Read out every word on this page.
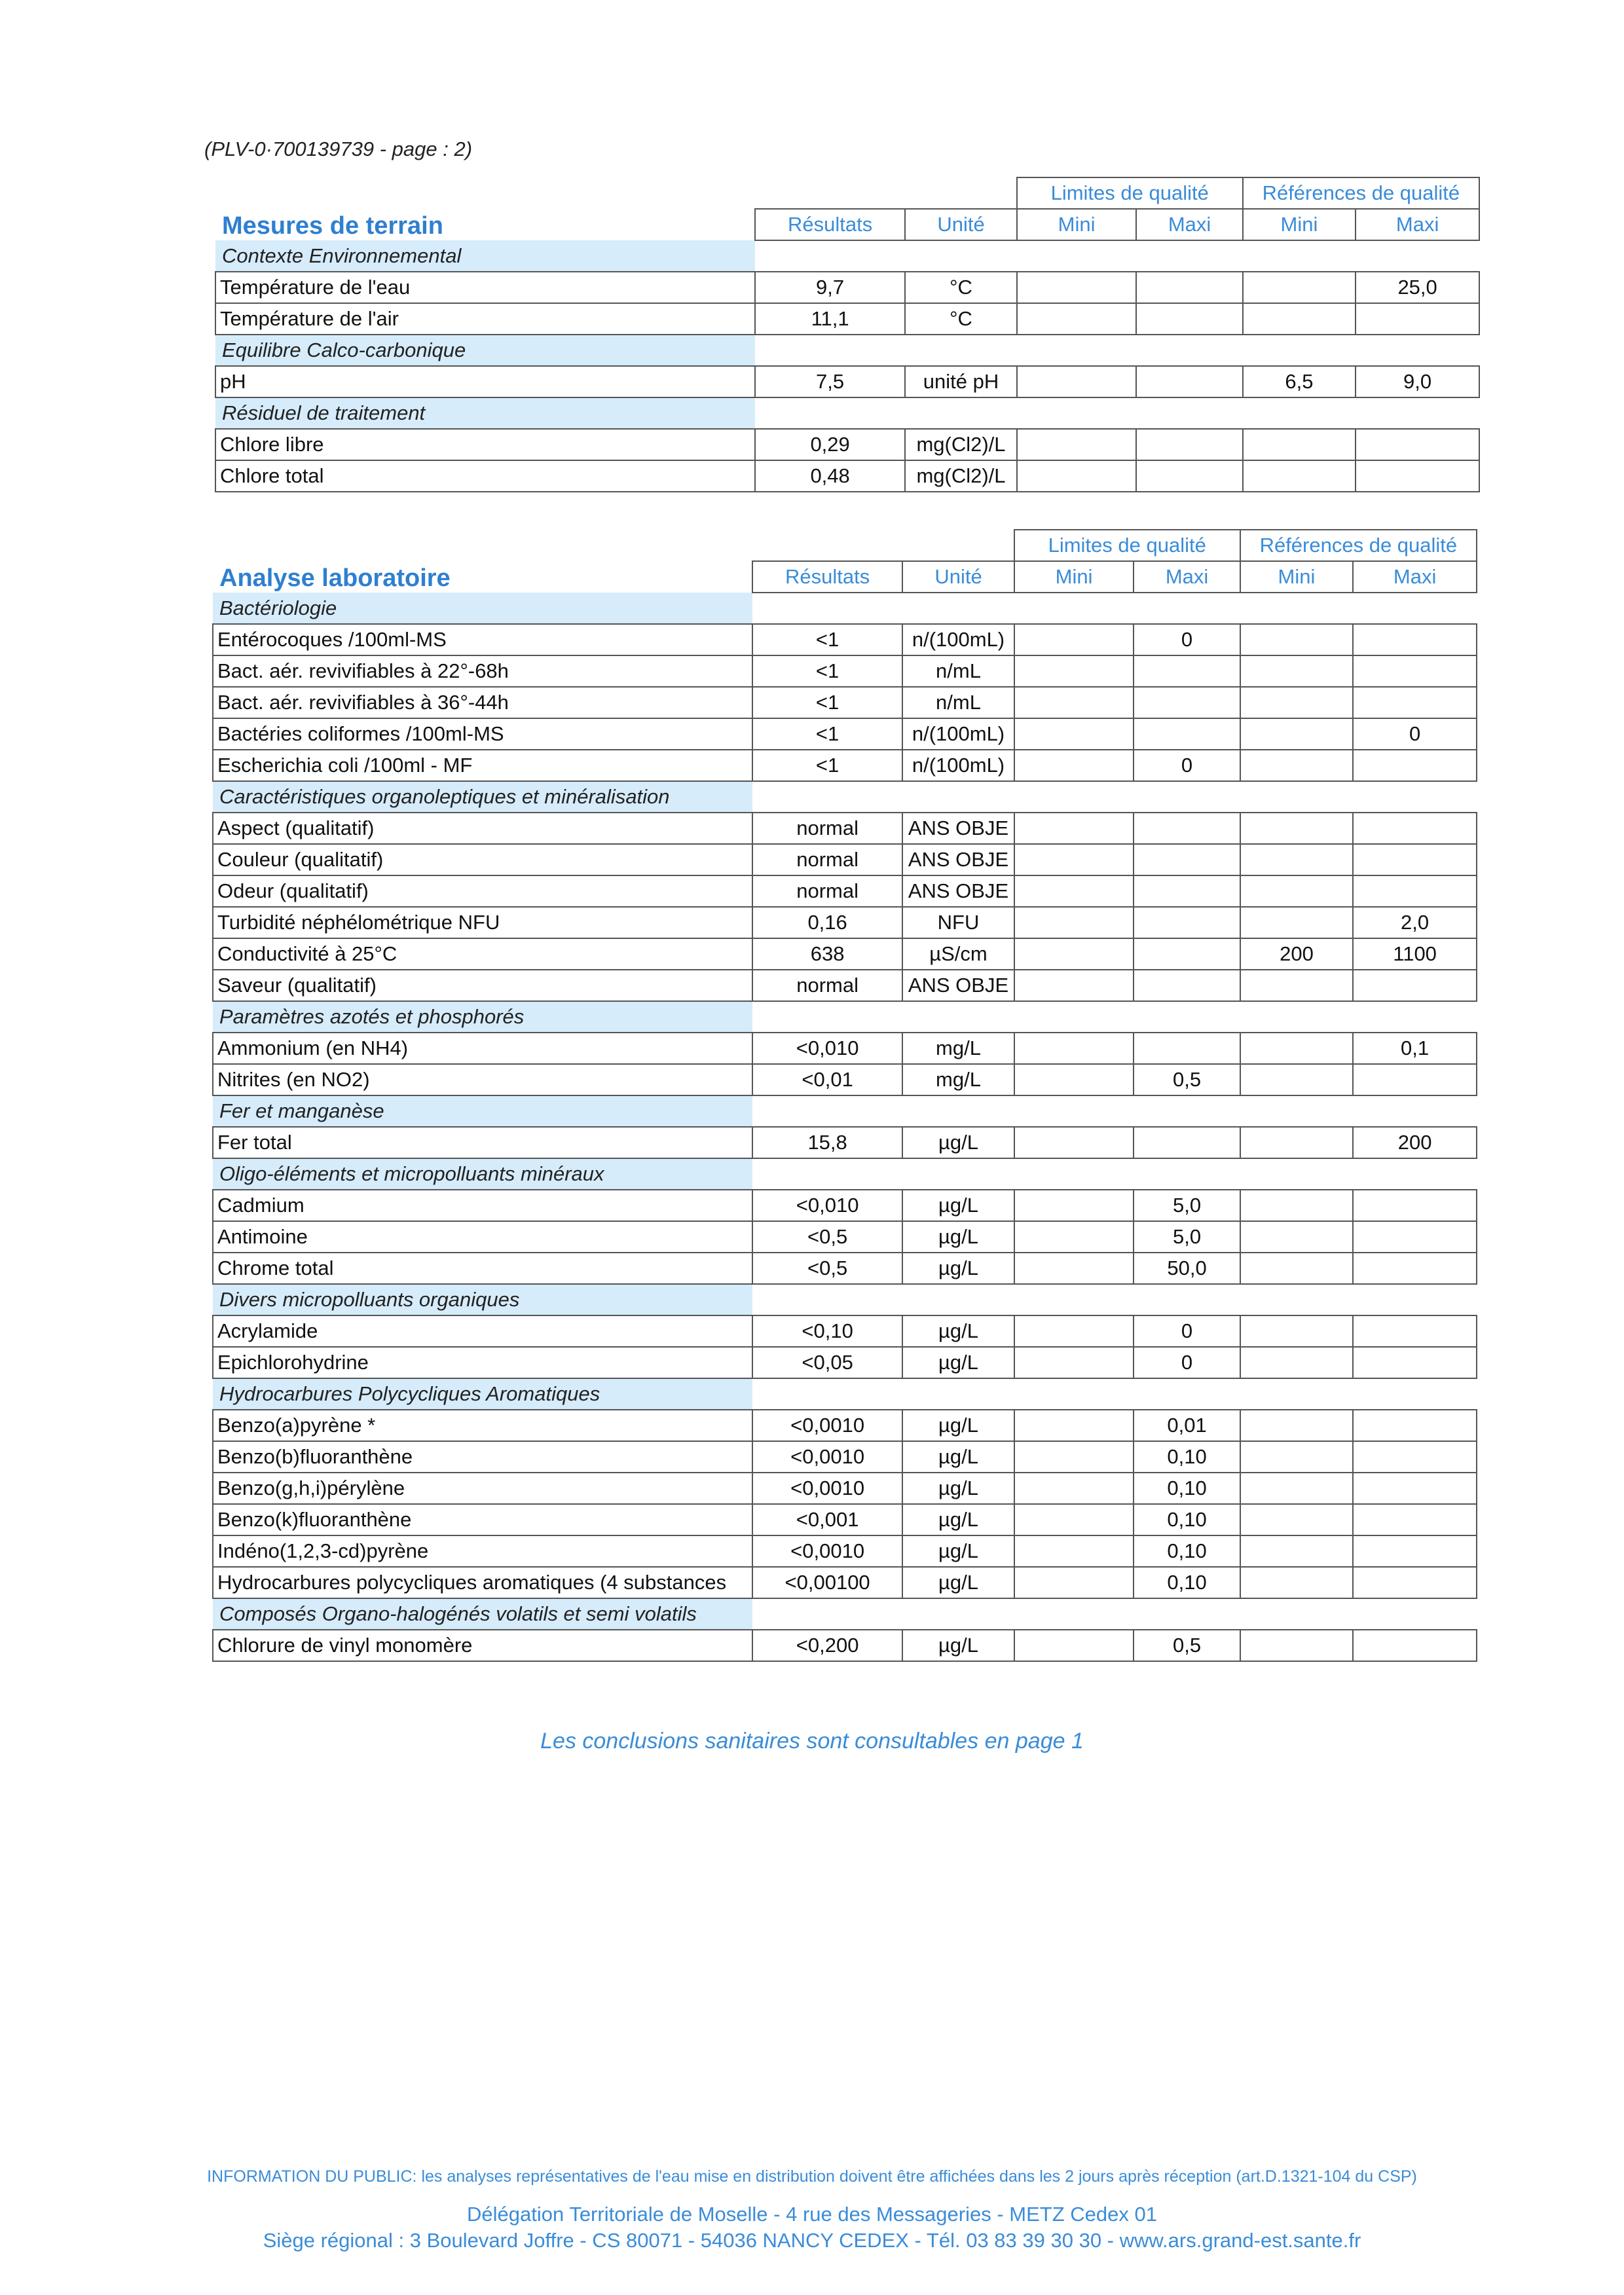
(PLV-0·700139739 - page : 2)
			Limites de qualité		Références de qualité	
Mesures de terrain	Résultats	Unité	Mini	Maxi	Mini	Maxi
Contexte Environnemental						
Température de l'eau	9,7	°C				25,0
Température de l'air	11,1	°C				
Equilibre Calco-carbonique						
pH	7,5	unité pH			6,5	9,0
Résiduel de traitement						
Chlore libre	0,29	mg(Cl2)/L				
Chlore total	0,48	mg(Cl2)/L				
			Limites de qualité		Références de qualité	
Analyse laboratoire	Résultats	Unité	Mini	Maxi	Mini	Maxi
Bactériologie						
Entérocoques /100ml-MS	<1	n/(100mL)		0		
Bact. aér. revivifiables à 22°-68h	<1	n/mL				
Bact. aér. revivifiables à 36°-44h	<1	n/mL				
Bactéries coliformes /100ml-MS	<1	n/(100mL)				0
Escherichia coli /100ml - MF	<1	n/(100mL)		0		
Caractéristiques organoleptiques et minéralisation						
Aspect (qualitatif)	normal	ANS OBJE				
Couleur (qualitatif)	normal	ANS OBJE				
Odeur (qualitatif)	normal	ANS OBJE				
Turbidité néphélométrique NFU	0,16	NFU				2,0
Conductivité à 25°C	638	µS/cm			200	1100
Saveur (qualitatif)	normal	ANS OBJE				
Paramètres azotés et phosphorés						
Ammonium (en NH4)	<0,010	mg/L				0,1
Nitrites (en NO2)	<0,01	mg/L		0,5		
Fer et manganèse						
Fer total	15,8	µg/L				200
Oligo-éléments et micropolluants minéraux						
Cadmium	<0,010	µg/L		5,0		
Antimoine	<0,5	µg/L		5,0		
Chrome total	<0,5	µg/L		50,0		
Divers micropolluants organiques						
Acrylamide	<0,10	µg/L		0		
Epichlorohydrine	<0,05	µg/L		0		
Hydrocarbures Polycycliques Aromatiques						
Benzo(a)pyrène *	<0,0010	µg/L		0,01		
Benzo(b)fluoranthène	<0,0010	µg/L		0,10		
Benzo(g,h,i)pérylène	<0,0010	µg/L		0,10		
Benzo(k)fluoranthène	<0,001	µg/L		0,10		
Indéno(1,2,3-cd)pyrène	<0,0010	µg/L		0,10		
Hydrocarbures polycycliques aromatiques (4 substances	<0,00100	µg/L		0,10		
Composés Organo-halogénés volatils et semi volatils						
Chlorure de vinyl monomère	<0,200	µg/L		0,5		
Les conclusions sanitaires sont consultables en page 1
INFORMATION DU PUBLIC: les analyses représentatives de l'eau mise en distribution doivent être affichées dans les 2 jours après réception (art.D.1321-104 du CSP)
Délégation Territoriale de Moselle - 4 rue des Messageries - METZ Cedex 01
Siège régional : 3 Boulevard Joffre - CS 80071 - 54036 NANCY CEDEX - Tél. 03 83 39 30 30 - www.ars.grand-est.sante.fr
